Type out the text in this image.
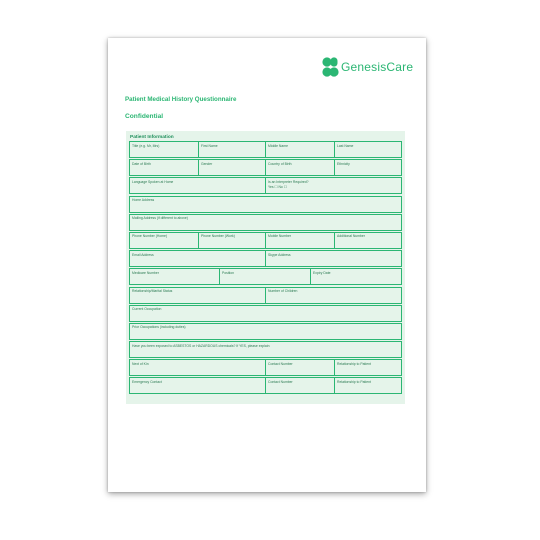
GenesisCare
Patient Medical History Questionnaire
Confidential
Patient Information
Title (e.g. Mr, Mrs)	First Name	Middle Name	Last Name
Date of Birth	Gender	Country of Birth	Ethnicity
Language Spoken at Home	Is an Interpreter Required?
Yes ☐ No ☐
Home Address
Mailing Address (if different to above)
Phone Number (Home)	Phone Number (Work)	Mobile Number	Additional Number
Email Address	Skype Address
Medicare Number	Position	Expiry Date
Relationship/Marital Status	Number of Children
Current Occupation
Prior Occupations (including duties)
Have you been exposed to ASBESTOS or HAZARDOUS chemicals? If YES, please explain
Next of Kin	Contact Number	Relationship to Patient
Emergency Contact	Contact Number	Relationship to Patient
